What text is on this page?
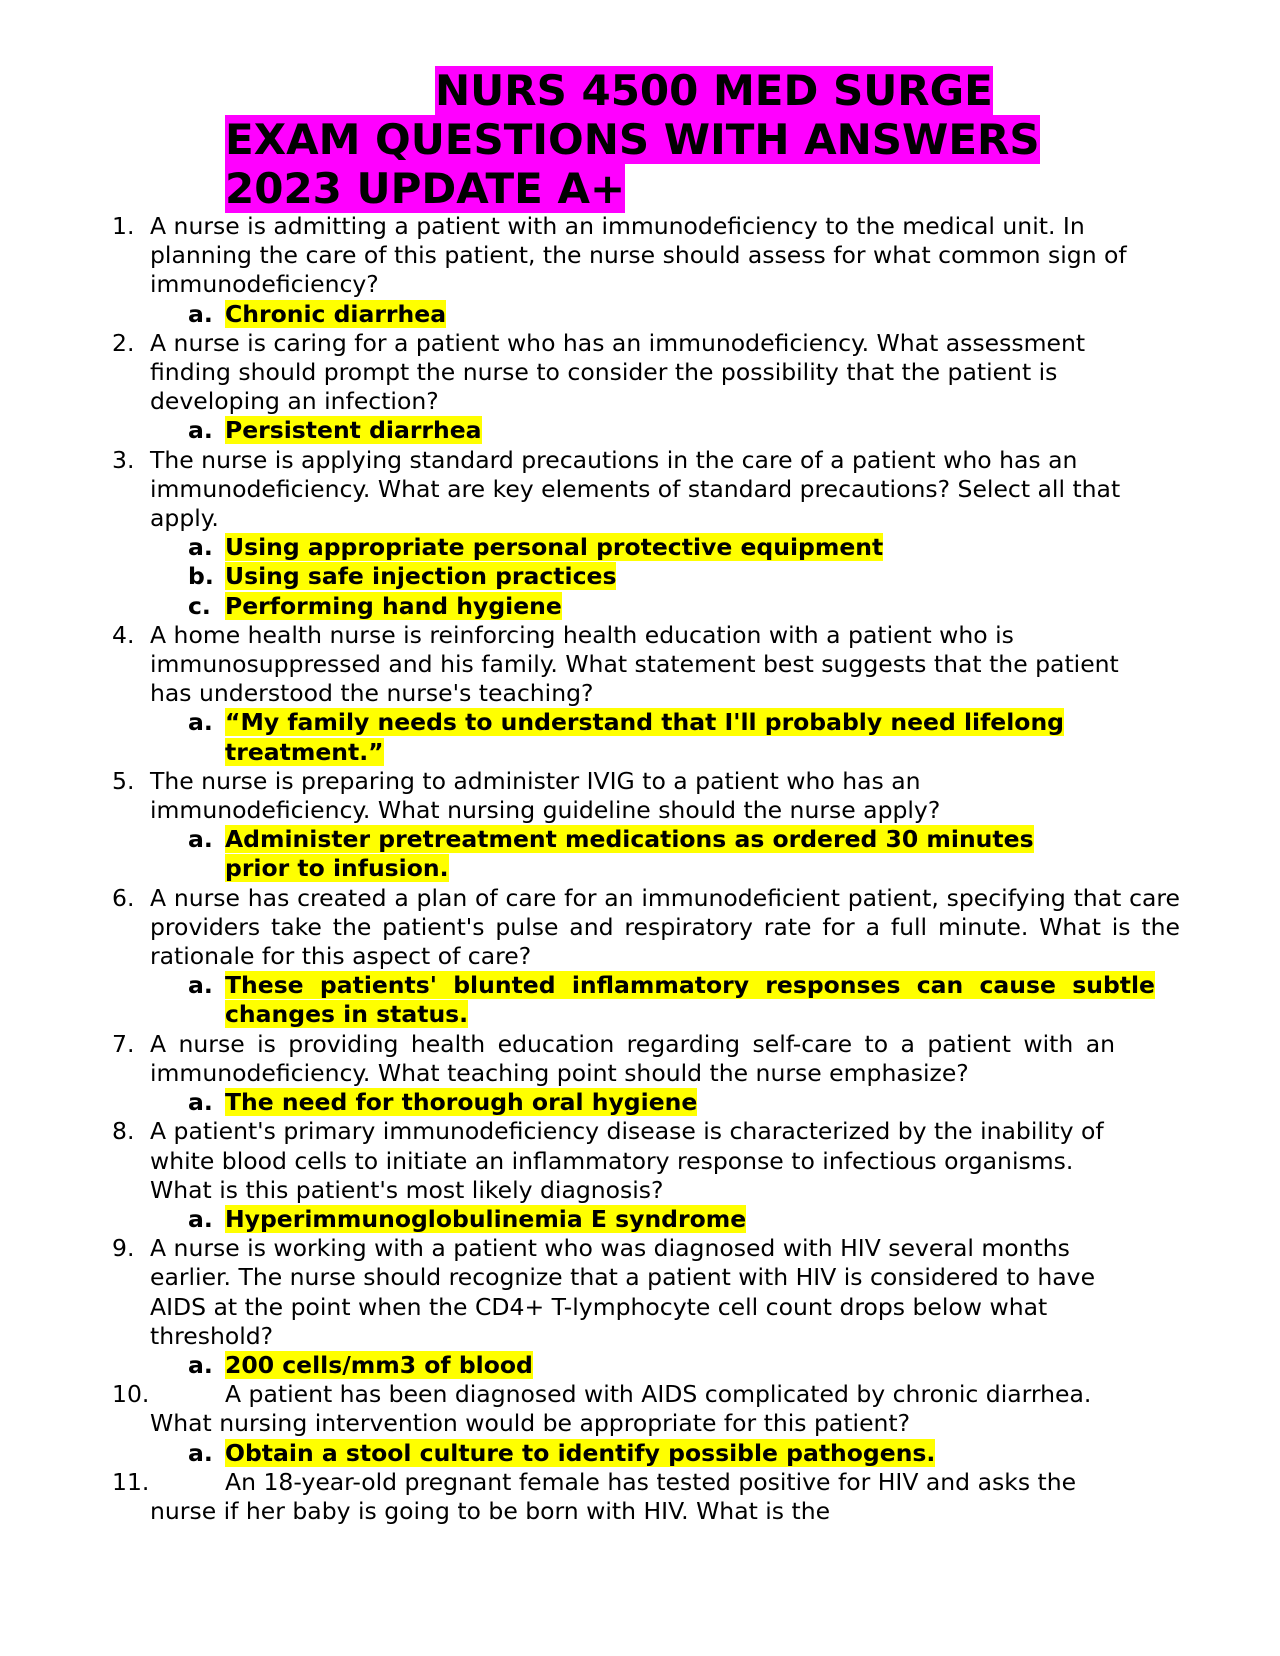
NURS 4500 MED SURGE
EXAM QUESTIONS WITH ANSWERS
2023 UPDATE A+
1. A nurse is admitting a patient with an immunodeficiency to the medical unit. In planning the care of this patient, the nurse should assess for what common sign of immunodeficiency?
a. Chronic diarrhea
2. A nurse is caring for a patient who has an immunodeficiency. What assessment finding should prompt the nurse to consider the possibility that the patient is developing an infection?
a. Persistent diarrhea
3. The nurse is applying standard precautions in the care of a patient who has an immunodeficiency. What are key elements of standard precautions? Select all that apply.
a. Using appropriate personal protective equipment
b. Using safe injection practices
c. Performing hand hygiene
4. A home health nurse is reinforcing health education with a patient who is immunosuppressed and his family. What statement best suggests that the patient has understood the nurse's teaching?
a. “My family needs to understand that I'll probably need lifelong treatment.”
5. The nurse is preparing to administer IVIG to a patient who has an immunodeficiency. What nursing guideline should the nurse apply?
a. Administer pretreatment medications as ordered 30 minutes prior to infusion.
6. A nurse has created a plan of care for an immunodeficient patient, specifying that care providers take the patient's pulse and respiratory rate for a full minute. What is the rationale for this aspect of care?
a. These patients' blunted inflammatory responses can cause subtle changes in status.
7. A nurse is providing health education regarding self-care to a patient with an immunodeficiency. What teaching point should the nurse emphasize?
a. The need for thorough oral hygiene
8. A patient's primary immunodeficiency disease is characterized by the inability of white blood cells to initiate an inflammatory response to infectious organisms. What is this patient's most likely diagnosis?
a. Hyperimmunoglobulinemia E syndrome
9. A nurse is working with a patient who was diagnosed with HIV several months earlier. The nurse should recognize that a patient with HIV is considered to have AIDS at the point when the CD4+ T-lymphocyte cell count drops below what threshold?
a. 200 cells/mm3 of blood
10.	A patient has been diagnosed with AIDS complicated by chronic diarrhea. What nursing intervention would be appropriate for this patient?
a. Obtain a stool culture to identify possible pathogens.
11.	An 18-year-old pregnant female has tested positive for HIV and asks the nurse if her baby is going to be born with HIV. What is the
